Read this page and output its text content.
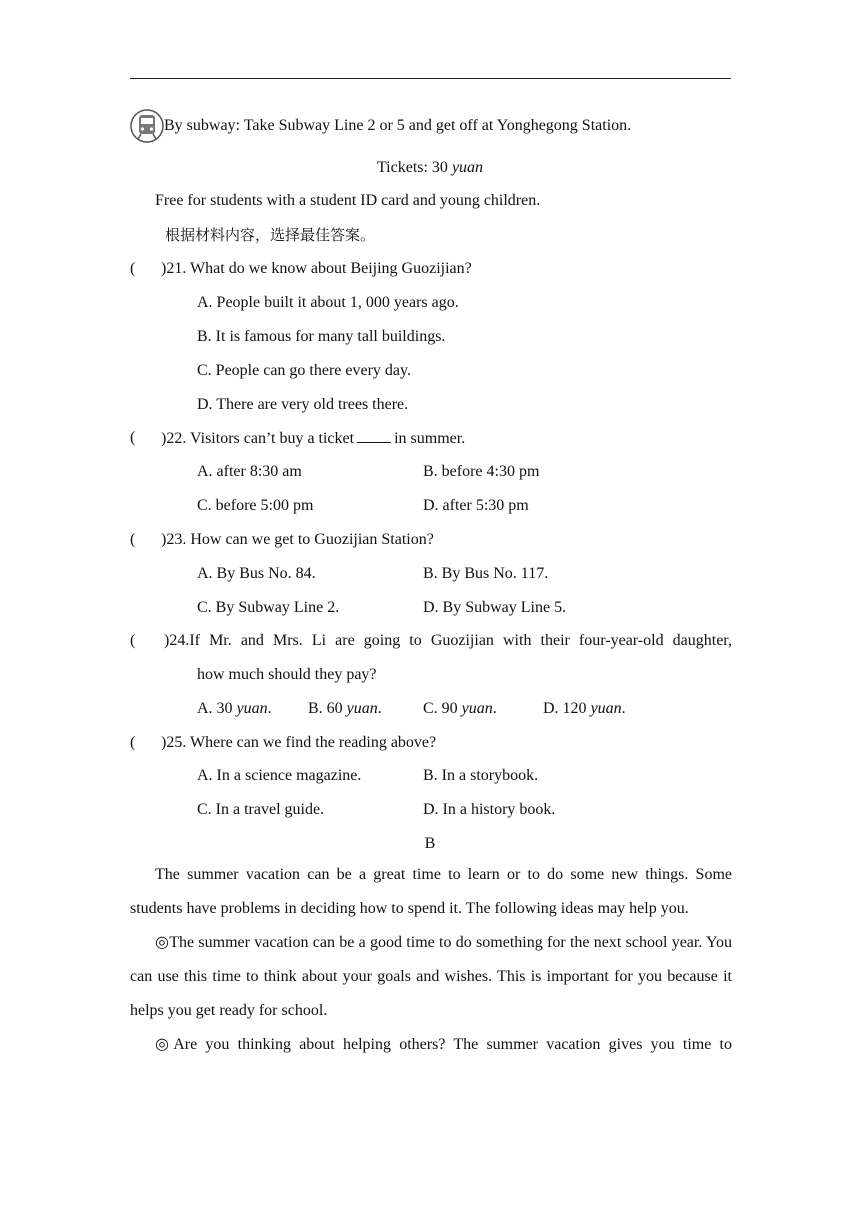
By subway: Take Subway Line 2 or 5 and get off at Yonghegong Station.
Tickets: 30 yuan
Free for students with a student ID card and young children.
根据材料内容，选择最佳答案。
( )21. What do we know about Beijing Guozijian?
A. People built it about 1, 000 years ago.
B. It is famous for many tall buildings.
C. People can go there every day.
D. There are very old trees there.
( )22. Visitors can’t buy a ticket	in summer.
A. after 8:30 am	B. before 4:30 pm
C. before 5:00 pm	D. after 5:30 pm
( )23. How can we get to Guozijian Station?
A. By Bus No. 84.	B. By Bus No. 117.
C. By Subway Line 2.	D. By Subway Line 5.
( )24.If Mr. and Mrs. Li are going to Guozijian with their four-year-old daughter,
how much should they pay?
A. 30 yuan. B. 60 yuan.	C. 90 yuan.	D. 120 yuan.
( )25. Where can we find the reading above?
A. In a science magazine.	B. In a storybook.
C. In a travel guide.	D. In a history book.
B

The summer vacation can be a great time to learn or to do some new things. Some students have problems in deciding how to spend it. The following ideas may help you.

◎The summer vacation can be a good time to do something for the next school year. You can use this time to think about your goals and wishes. This is important for you because it helps you get ready for school.

◎Are you thinking about helping others? The summer vacation gives you time to
